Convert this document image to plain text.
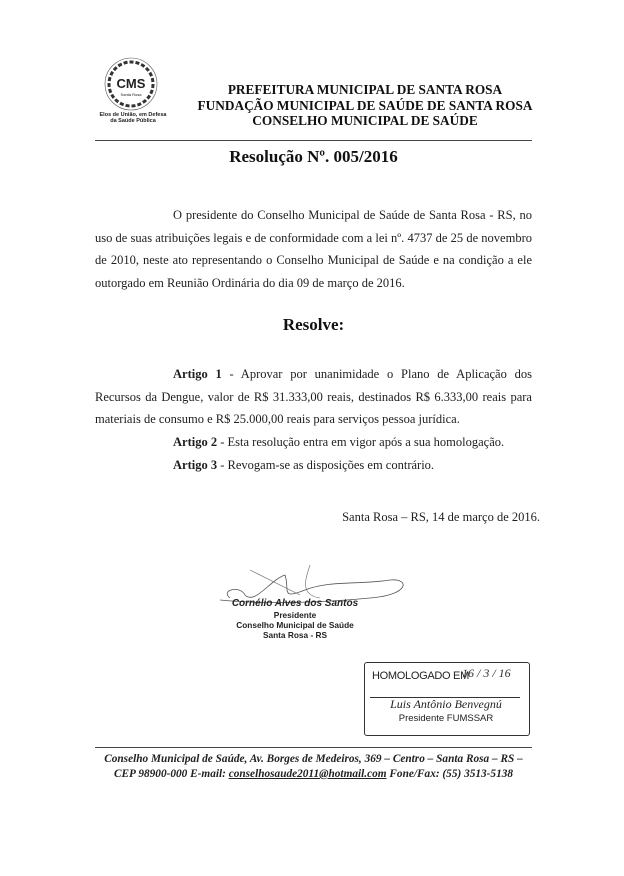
CMS
Santa Rosa
Elos de União, em Defesa
da Saúde Pública
PREFEITURA MUNICIPAL DE SANTA ROSA
FUNDAÇÃO MUNICIPAL DE SAÚDE DE SANTA ROSA
CONSELHO MUNICIPAL DE SAÚDE
Resolução Nº. 005/2016
O presidente do Conselho Municipal de Saúde de Santa Rosa - RS, no uso de suas atribuições legais e de conformidade com a lei nº. 4737 de 25 de novembro de 2010, neste ato representando o Conselho Municipal de Saúde e na condição a ele outorgado em Reunião Ordinária do dia 09 de março de 2016.
Resolve:
Artigo 1 - Aprovar por unanimidade o Plano de Aplicação dos Recursos da Dengue, valor de R$ 31.333,00 reais, destinados R$ 6.333,00 reais para materiais de consumo e R$ 25.000,00 reais para serviços pessoa jurídica.
Artigo 2 - Esta resolução entra em vigor após a sua homologação.
Artigo 3 - Revogam-se as disposições em contrário.
Santa Rosa – RS, 14 de março de 2016.
Cornélio Alves dos Santos
Presidente
Conselho Municipal de Saúde
Santa Rosa - RS
HOMOLOGADO EM
16 / 3 / 16
Luis Antônio Benvegnú
Presidente FUMSSAR
Conselho Municipal de Saúde, Av. Borges de Medeiros, 369 – Centro – Santa Rosa – RS –
CEP 98900-000 E-mail: conselhosaude2011@hotmail.com Fone/Fax: (55) 3513-5138
